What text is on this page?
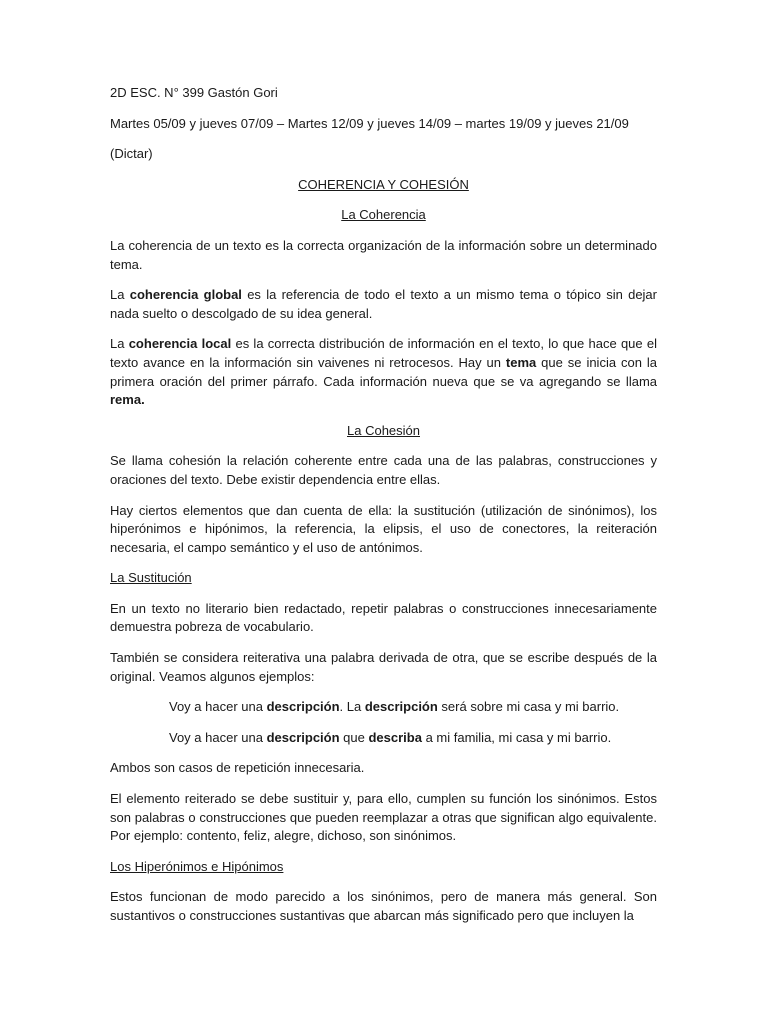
2D ESC. N° 399 Gastón Gori

Martes 05/09 y jueves 07/09 – Martes 12/09 y jueves 14/09 – martes 19/09 y jueves 21/09

(Dictar)

COHERENCIA Y COHESIÓN
La Coherencia

La coherencia de un texto es la correcta organización de la información sobre un determinado tema.

La coherencia global es la referencia de todo el texto a un mismo tema o tópico sin dejar nada suelto o descolgado de su idea general.

La coherencia local es la correcta distribución de información en el texto, lo que hace que el texto avance en la información sin vaivenes ni retrocesos. Hay un tema que se inicia con la primera oración del primer párrafo. Cada información nueva que se va agregando se llama rema.

La Cohesión

Se llama cohesión la relación coherente entre cada una de las palabras, construcciones y oraciones del texto. Debe existir dependencia entre ellas.

Hay ciertos elementos que dan cuenta de ella: la sustitución (utilización de sinónimos), los hiperónimos e hipónimos, la referencia, la elipsis, el uso de conectores, la reiteración necesaria, el campo semántico y el uso de antónimos.

La Sustitución

En un texto no literario bien redactado, repetir palabras o construcciones innecesariamente demuestra pobreza de vocabulario.

También se considera reiterativa una palabra derivada de otra, que se escribe después de la original. Veamos algunos ejemplos:

Voy a hacer una descripción. La descripción será sobre mi casa y mi barrio.

Voy a hacer una descripción que describa a mi familia, mi casa y mi barrio.

Ambos son casos de repetición innecesaria.

El elemento reiterado se debe sustituir y, para ello, cumplen su función los sinónimos. Estos son palabras o construcciones que pueden reemplazar a otras que significan algo equivalente. Por ejemplo: contento, feliz, alegre, dichoso, son sinónimos.

Los Hiperónimos e Hipónimos

Estos funcionan de modo parecido a los sinónimos, pero de manera más general. Son sustantivos o construcciones sustantivas que abarcan más significado pero que incluyen la
